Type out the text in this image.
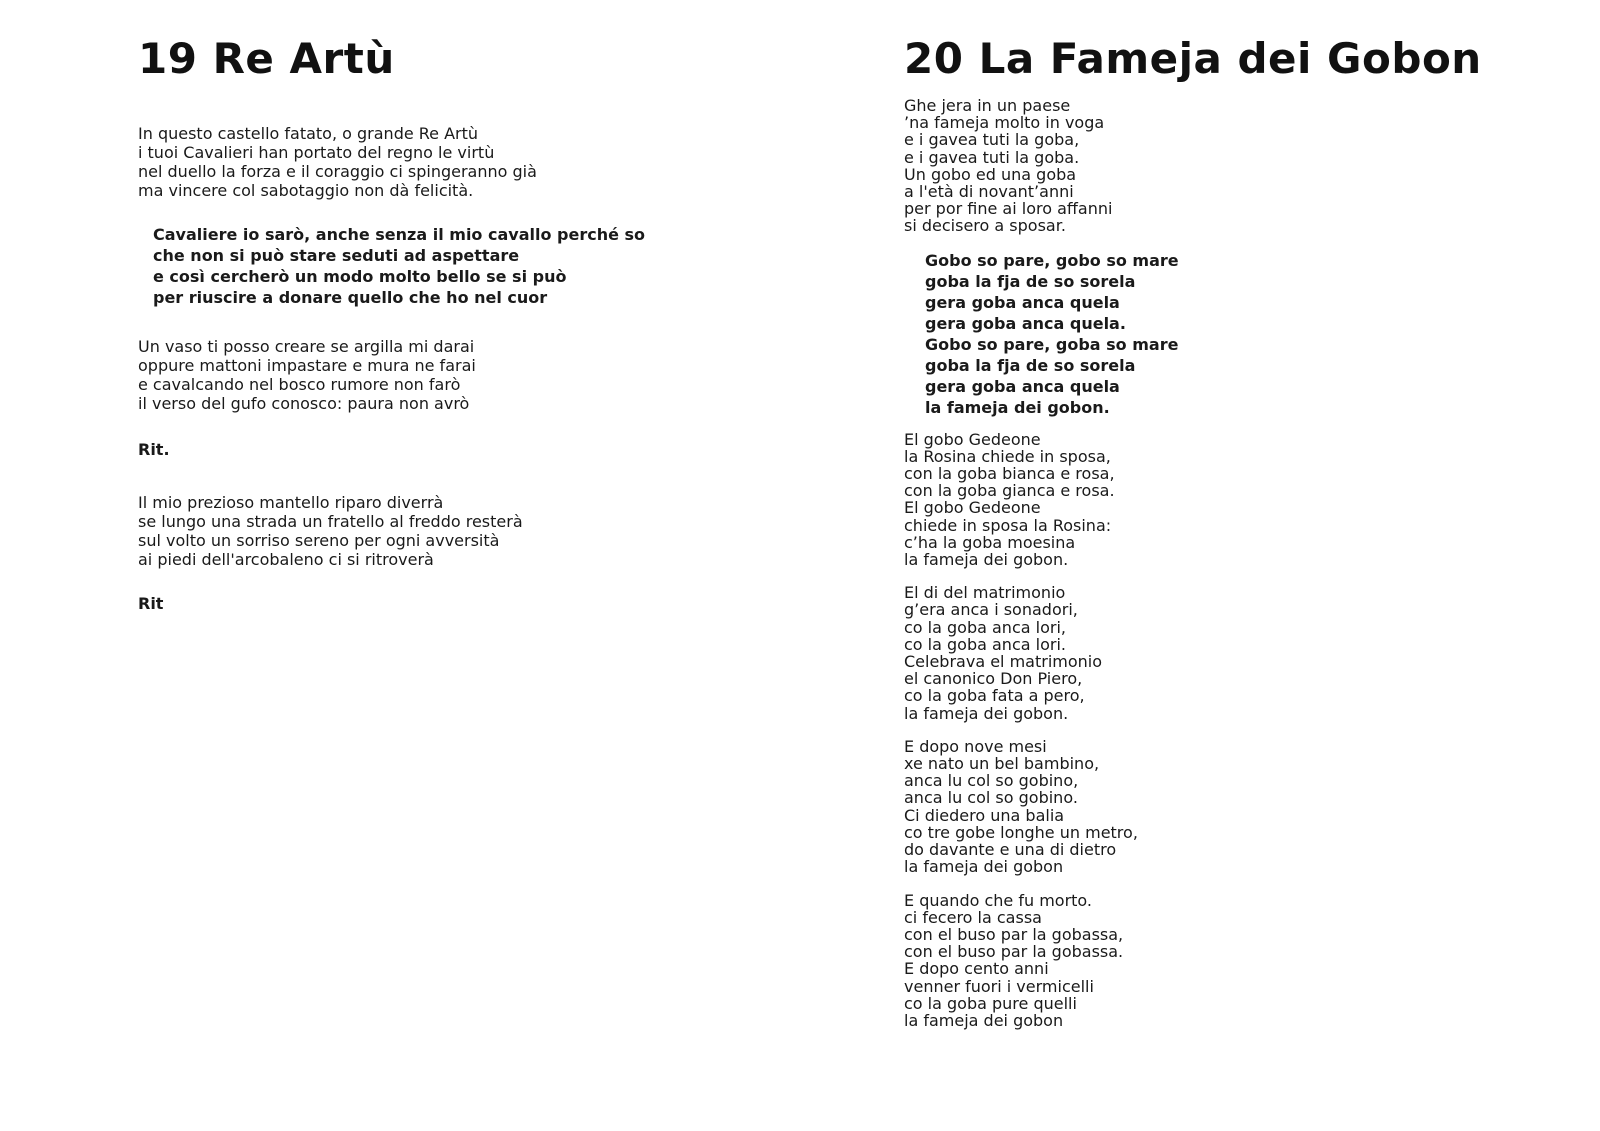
19 Re Artù
In questo castello fatato, o grande Re Artù
i tuoi Cavalieri han portato del regno le virtù
nel duello la forza e il coraggio ci spingeranno già
ma vincere col sabotaggio non dà felicità.
Cavaliere io sarò, anche senza il mio cavallo perché so
che non si può stare seduti ad aspettare
e così cercherò un modo molto bello se si può
per riuscire a donare quello che ho nel cuor
Un vaso ti posso creare se argilla mi darai
oppure mattoni impastare e mura ne farai
e cavalcando nel bosco rumore non farò
il verso del gufo conosco: paura non avrò
Rit.
Il mio prezioso mantello riparo diverrà
se lungo una strada un fratello al freddo resterà
sul volto un sorriso sereno per ogni avversità
ai piedi dell'arcobaleno ci si ritroverà
Rit
20 La Fameja dei Gobon
Ghe jera in un paese
’na fameja molto in voga
e i gavea tuti la goba,
e i gavea tuti la goba.
Un gobo ed una goba
a l'età di novant’anni
per por fine ai loro affanni
si decisero a sposar.
Gobo so pare, gobo so mare
goba la fja de so sorela
gera goba anca quela
gera goba anca quela.
Gobo so pare, goba so mare
goba la fja de so sorela
gera goba anca quela
la fameja dei gobon.
El gobo Gedeone
la Rosina chiede in sposa,
con la goba bianca e rosa,
con la goba gianca e rosa.
El gobo Gedeone
chiede in sposa la Rosina:
c’ha la goba moesina
la fameja dei gobon.
El di del matrimonio
g’era anca i sonadori,
co la goba anca lori,
co la goba anca lori.
Celebrava el matrimonio
el canonico Don Piero,
co la goba fata a pero,
la fameja dei gobon.
E dopo nove mesi
xe nato un bel bambino,
anca lu col so gobino,
anca lu col so gobino.
Ci diedero una balia
co tre gobe longhe un metro,
do davante e una di dietro
la fameja dei gobon
E quando che fu morto.
ci fecero la cassa
con el buso par la gobassa,
con el buso par la gobassa.
E dopo cento anni
venner fuori i vermicelli
co la goba pure quelli
la fameja dei gobon
